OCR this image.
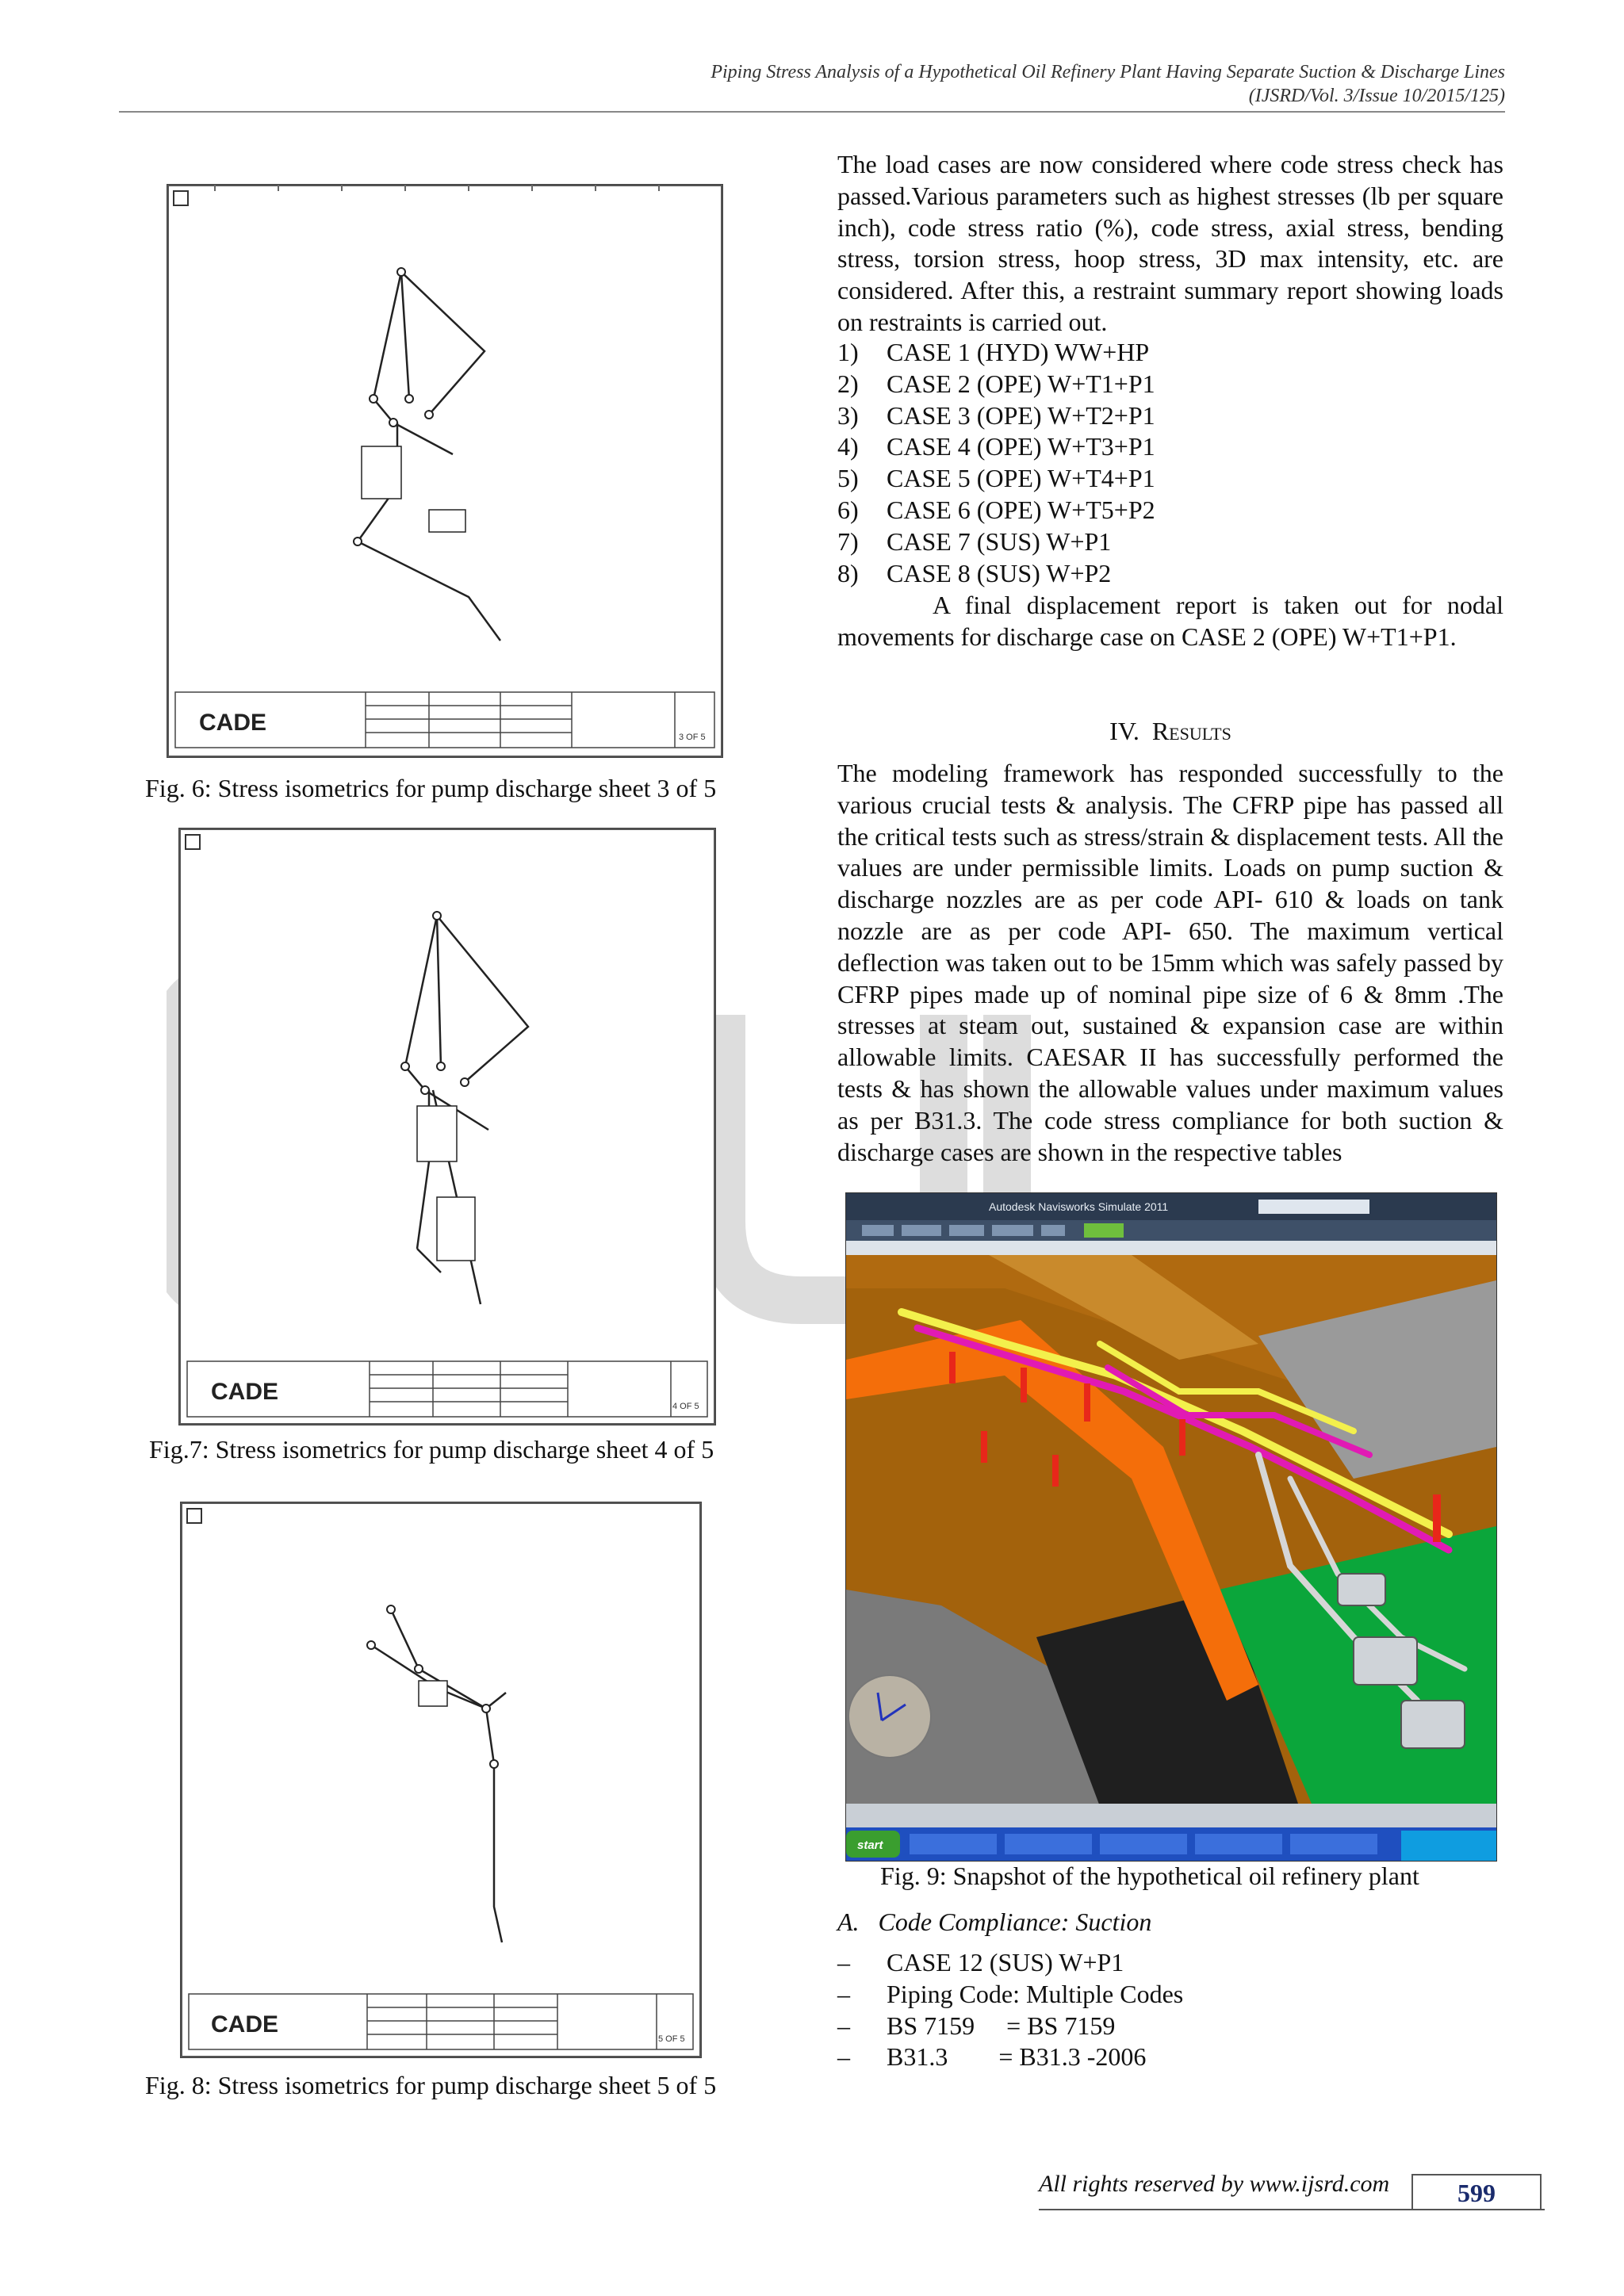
Piping Stress Analysis of a Hypothetical Oil Refinery Plant Having Separate Suction & Discharge Lines
(IJSRD/Vol. 3/Issue 10/2015/125)
CADE
3 OF 5
Fig. 6: Stress isometrics for pump discharge sheet 3 of 5
CADE
4 OF 5
Fig.7: Stress isometrics for pump discharge sheet 4 of 5
CADE
5 OF 5
Fig. 8: Stress isometrics for pump discharge sheet 5 of 5
The load cases are now considered where code stress check has passed.Various parameters such as highest stresses (lb per square inch), code stress ratio (%), code stress, axial stress, bending stress, torsion stress, hoop stress, 3D max intensity, etc. are considered. After this, a restraint summary report showing loads on restraints is carried out.
1)	CASE 1 (HYD) WW+HP
2)	CASE 2 (OPE) W+T1+P1
3)	CASE 3 (OPE) W+T2+P1
4)	CASE 4 (OPE) W+T3+P1
5)	CASE 5 (OPE) W+T4+P1
6)	CASE 6 (OPE) W+T5+P2
7)	CASE 7 (SUS) W+P1
8)	CASE 8 (SUS) W+P2
A final displacement report is taken out for nodal movements for discharge case on CASE 2 (OPE) W+T1+P1.
IV. Results
The modeling framework has responded successfully to the various crucial tests & analysis. The CFRP pipe has passed all the critical tests such as stress/strain & displacement tests. All the values are under permissible limits. Loads on pump suction & discharge nozzles are as per code API- 610 & loads on tank nozzle are as per code API- 650. The maximum vertical deflection was taken out to be 15mm which was safely passed by CFRP pipes made up of nominal pipe size of 6 & 8mm .The stresses at steam out, sustained & expansion case are within allowable limits. CAESAR II has successfully performed the tests & has shown the allowable values under maximum values as per B31.3. The code stress compliance for both suction & discharge cases are shown in the respective tables
Autodesk Navisworks Simulate 2011
start
Fig. 9: Snapshot of the hypothetical oil refinery plant
A.   Code Compliance: Suction
–	CASE 12 (SUS) W+P1
–	Piping Code: Multiple Codes
–	BS 7159     = BS 7159
–	B31.3        = B31.3 -2006
All rights reserved by www.ijsrd.com	599
